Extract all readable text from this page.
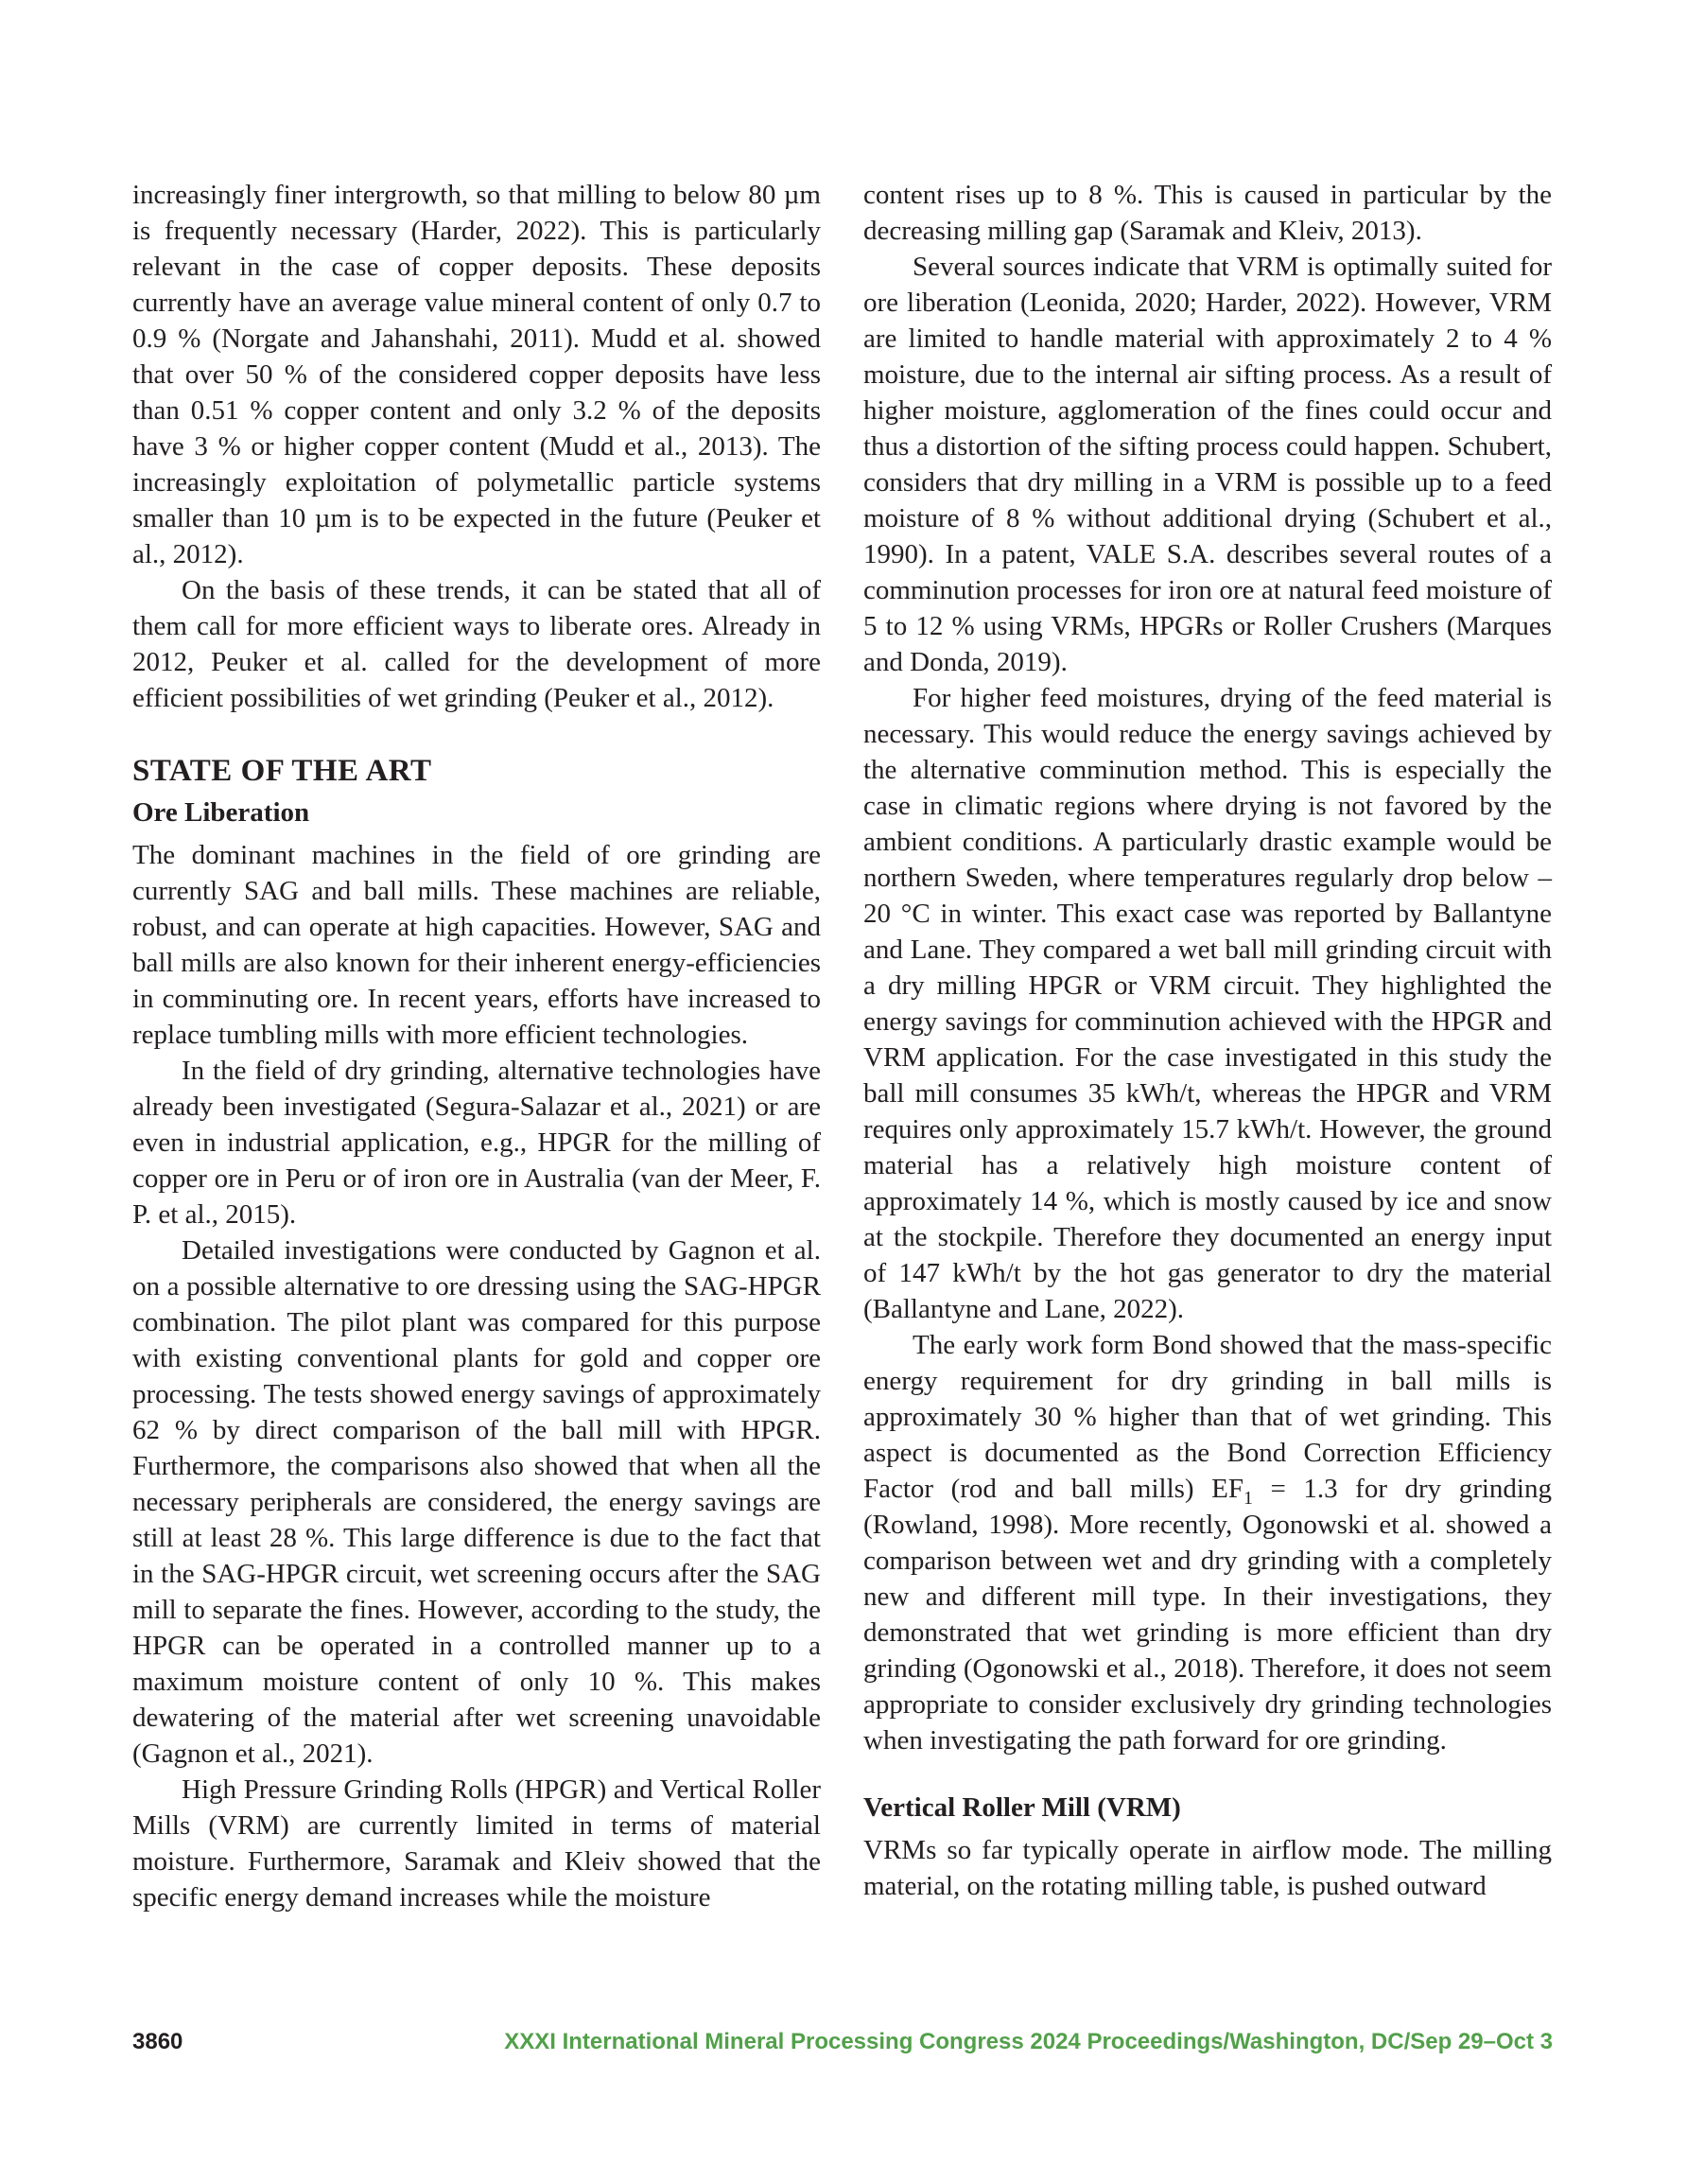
increasingly finer intergrowth, so that milling to below 80 µm is frequently necessary (Harder, 2022). This is particularly relevant in the case of copper deposits. These deposits currently have an average value mineral content of only 0.7 to 0.9 % (Norgate and Jahanshahi, 2011). Mudd et al. showed that over 50 % of the considered copper deposits have less than 0.51 % copper content and only 3.2 % of the deposits have 3 % or higher copper content (Mudd et al., 2013). The increasingly exploitation of polymetallic particle systems smaller than 10 µm is to be expected in the future (Peuker et al., 2012).

On the basis of these trends, it can be stated that all of them call for more efficient ways to liberate ores. Already in 2012, Peuker et al. called for the development of more efficient possibilities of wet grinding (Peuker et al., 2012).

STATE OF THE ART
Ore Liberation

The dominant machines in the field of ore grinding are currently SAG and ball mills. These machines are reliable, robust, and can operate at high capacities. However, SAG and ball mills are also known for their inherent energy-efficiencies in comminuting ore. In recent years, efforts have increased to replace tumbling mills with more efficient technologies.

In the field of dry grinding, alternative technologies have already been investigated (Segura-Salazar et al., 2021) or are even in industrial application, e.g., HPGR for the milling of copper ore in Peru or of iron ore in Australia (van der Meer, F. P. et al., 2015).

Detailed investigations were conducted by Gagnon et al. on a possible alternative to ore dressing using the SAG-HPGR combination. The pilot plant was compared for this purpose with existing conventional plants for gold and copper ore processing. The tests showed energy savings of approximately 62 % by direct comparison of the ball mill with HPGR. Furthermore, the comparisons also showed that when all the necessary peripherals are considered, the energy savings are still at least 28 %. This large difference is due to the fact that in the SAG-HPGR circuit, wet screening occurs after the SAG mill to separate the fines. However, according to the study, the HPGR can be operated in a controlled manner up to a maximum moisture content of only 10 %. This makes dewatering of the material after wet screening unavoidable (Gagnon et al., 2021).

High Pressure Grinding Rolls (HPGR) and Vertical Roller Mills (VRM) are currently limited in terms of material moisture. Furthermore, Saramak and Kleiv showed that the specific energy demand increases while the moisture

content rises up to 8 %. This is caused in particular by the decreasing milling gap (Saramak and Kleiv, 2013).

Several sources indicate that VRM is optimally suited for ore liberation (Leonida, 2020; Harder, 2022). However, VRM are limited to handle material with approximately 2 to 4 % moisture, due to the internal air sifting process. As a result of higher moisture, agglomeration of the fines could occur and thus a distortion of the sifting process could happen. Schubert, considers that dry milling in a VRM is possible up to a feed moisture of 8 % without additional drying (Schubert et al., 1990). In a patent, VALE S.A. describes several routes of a comminution processes for iron ore at natural feed moisture of 5 to 12 % using VRMs, HPGRs or Roller Crushers (Marques and Donda, 2019).

For higher feed moistures, drying of the feed material is necessary. This would reduce the energy savings achieved by the alternative comminution method. This is especially the case in climatic regions where drying is not favored by the ambient conditions. A particularly drastic example would be northern Sweden, where temperatures regularly drop below –20 °C in winter. This exact case was reported by Ballantyne and Lane. They compared a wet ball mill grinding circuit with a dry milling HPGR or VRM circuit. They highlighted the energy savings for comminution achieved with the HPGR and VRM application. For the case investigated in this study the ball mill consumes 35 kWh/t, whereas the HPGR and VRM requires only approximately 15.7 kWh/t. However, the ground material has a relatively high moisture content of approximately 14 %, which is mostly caused by ice and snow at the stockpile. Therefore they documented an energy input of 147 kWh/t by the hot gas generator to dry the material (Ballantyne and Lane, 2022).

The early work form Bond showed that the mass-specific energy requirement for dry grinding in ball mills is approximately 30 % higher than that of wet grinding. This aspect is documented as the Bond Correction Efficiency Factor (rod and ball mills) $EF_1 = 1.3$ for dry grinding (Rowland, 1998). More recently, Ogonowski et al. showed a comparison between wet and dry grinding with a completely new and different mill type. In their investigations, they demonstrated that wet grinding is more efficient than dry grinding (Ogonowski et al., 2018). Therefore, it does not seem appropriate to consider exclusively dry grinding technologies when investigating the path forward for ore grinding.

Vertical Roller Mill (VRM)

VRMs so far typically operate in airflow mode. The milling material, on the rotating milling table, is pushed outward

3860	XXXI International Mineral Processing Congress 2024 Proceedings/Washington, DC/Sep 29–Oct 3
